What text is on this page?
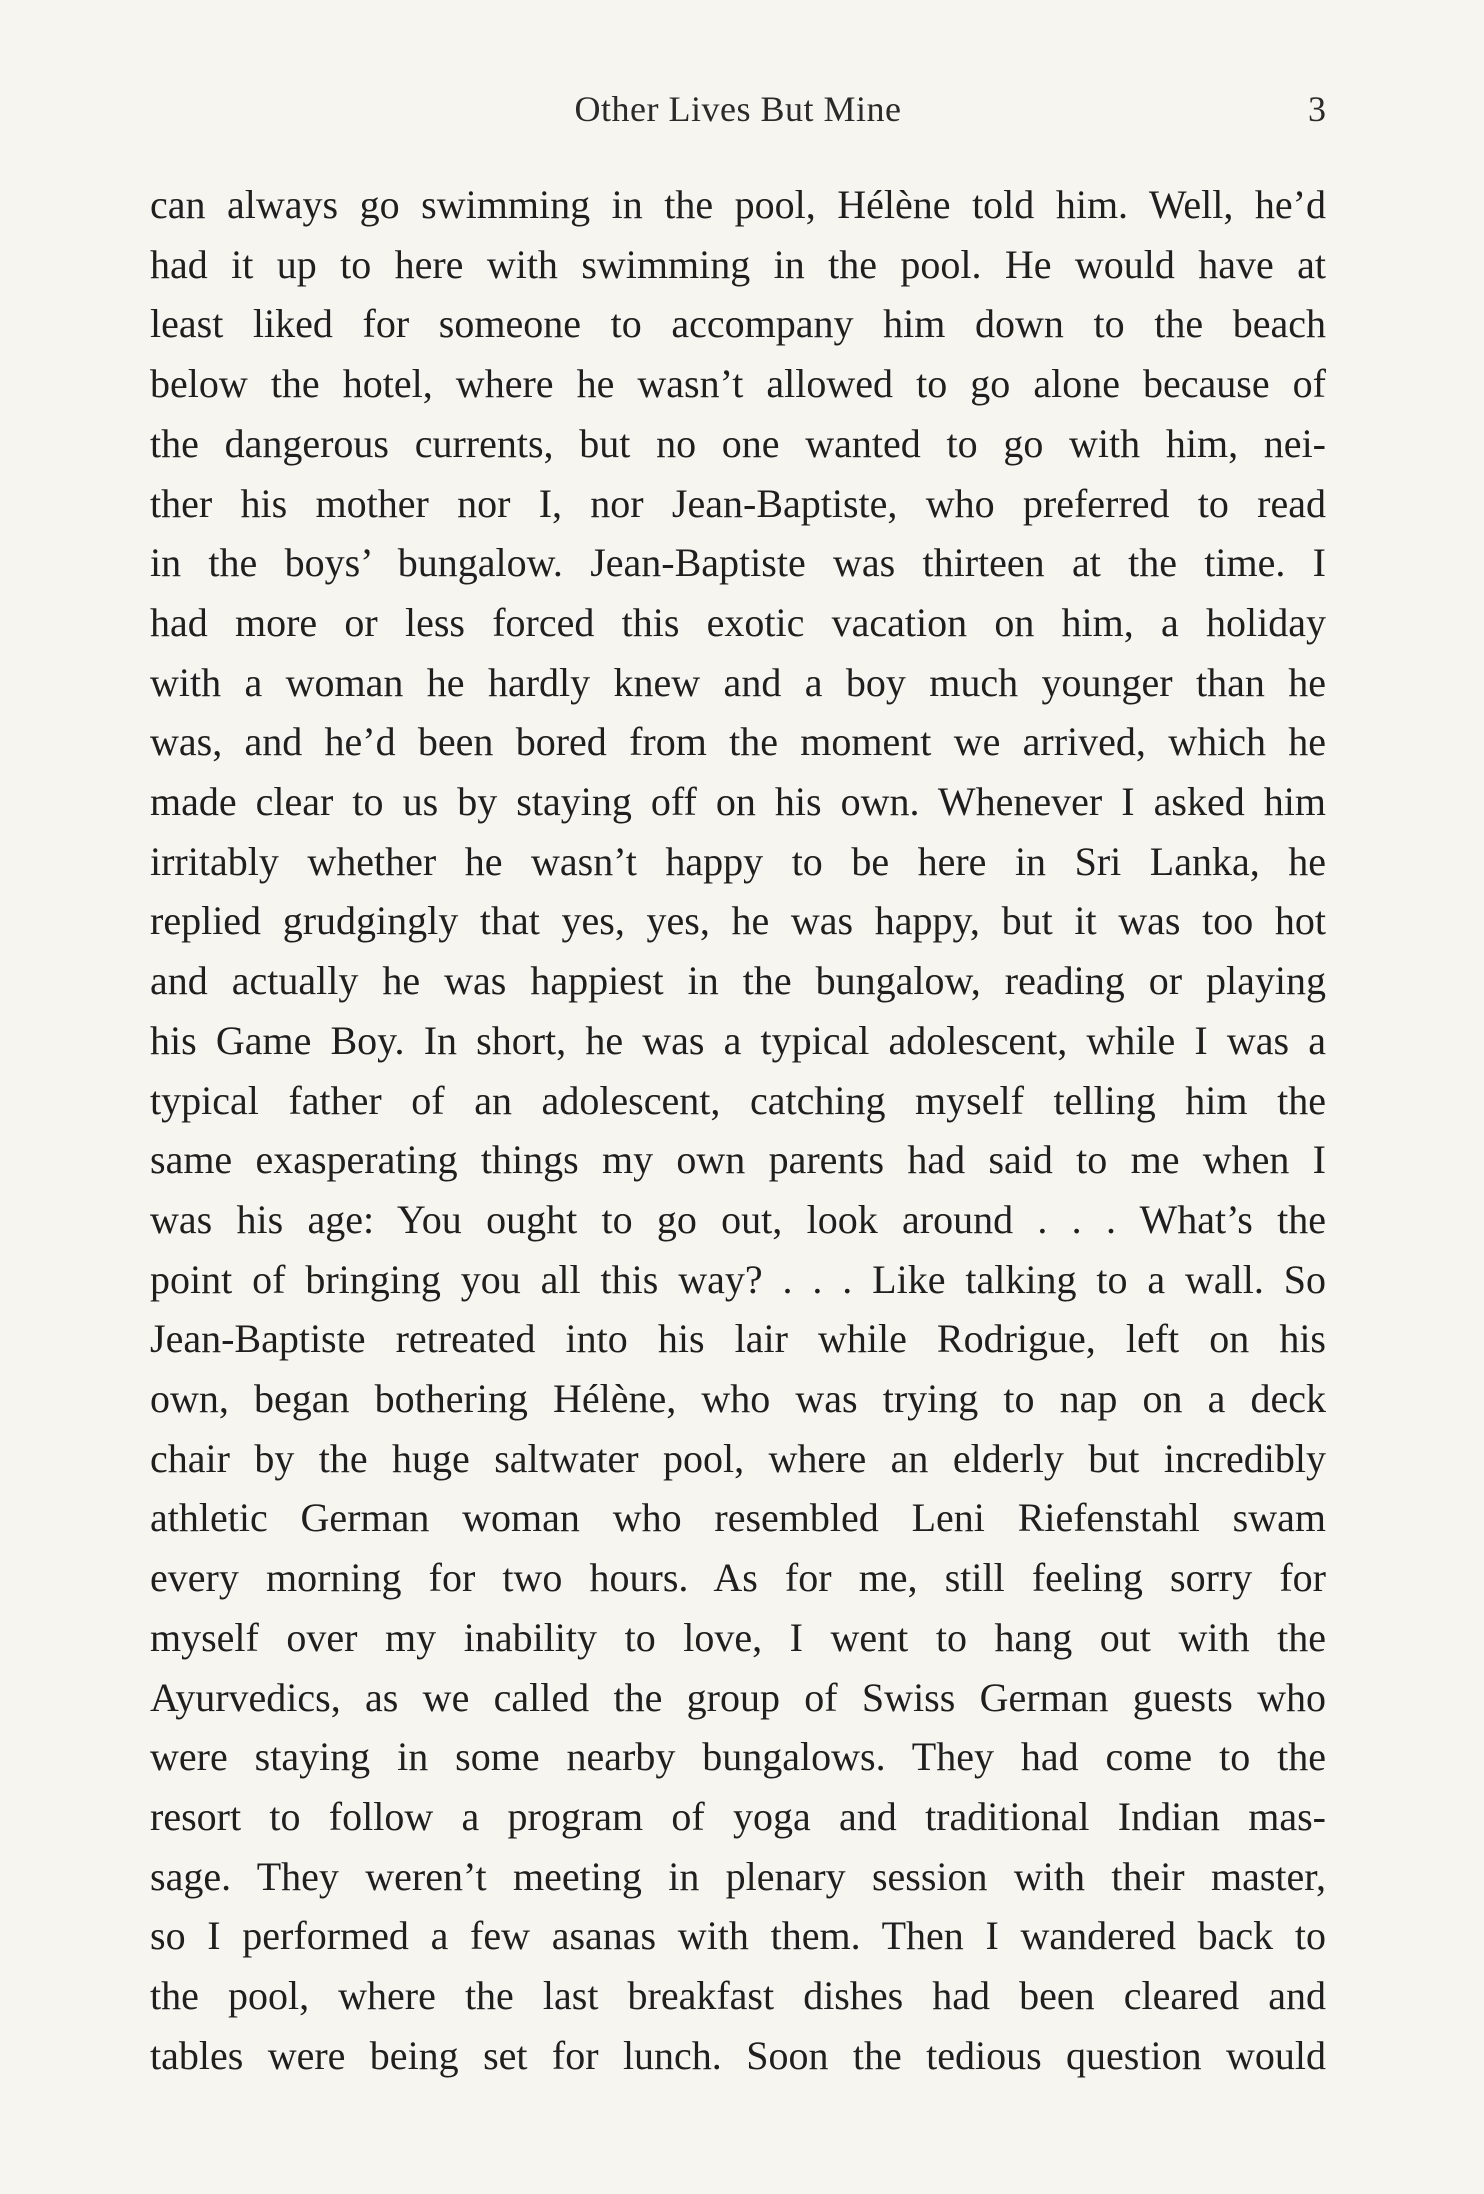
Other Lives But Mine	3
can always go swimming in the pool, Hélène told him. Well, he’d
had it up to here with swimming in the pool. He would have at
least liked for someone to accompany him down to the beach
below the hotel, where he wasn’t allowed to go alone because of
the dangerous currents, but no one wanted to go with him, nei-
ther his mother nor I, nor Jean-Baptiste, who preferred to read
in the boys’ bungalow. Jean-Baptiste was thirteen at the time. I
had more or less forced this exotic vacation on him, a holiday
with a woman he hardly knew and a boy much younger than he
was, and he’d been bored from the moment we arrived, which he
made clear to us by staying off on his own. Whenever I asked him
irritably whether he wasn’t happy to be here in Sri Lanka, he
replied grudgingly that yes, yes, he was happy, but it was too hot
and actually he was happiest in the bungalow, reading or playing
his Game Boy. In short, he was a typical adolescent, while I was a
typical father of an adolescent, catching myself telling him the
same exasperating things my own parents had said to me when I
was his age: You ought to go out, look around . . . What’s the
point of bringing you all this way? . . . Like talking to a wall. So
Jean-Baptiste retreated into his lair while Rodrigue, left on his
own, began bothering Hélène, who was trying to nap on a deck
chair by the huge saltwater pool, where an elderly but incredibly
athletic German woman who resembled Leni Riefenstahl swam
every morning for two hours. As for me, still feeling sorry for
myself over my inability to love, I went to hang out with the
Ayurvedics, as we called the group of Swiss German guests who
were staying in some nearby bungalows. They had come to the
resort to follow a program of yoga and traditional Indian mas-
sage. They weren’t meeting in plenary session with their master,
so I performed a few asanas with them. Then I wandered back to
the pool, where the last breakfast dishes had been cleared and
tables were being set for lunch. Soon the tedious question would
